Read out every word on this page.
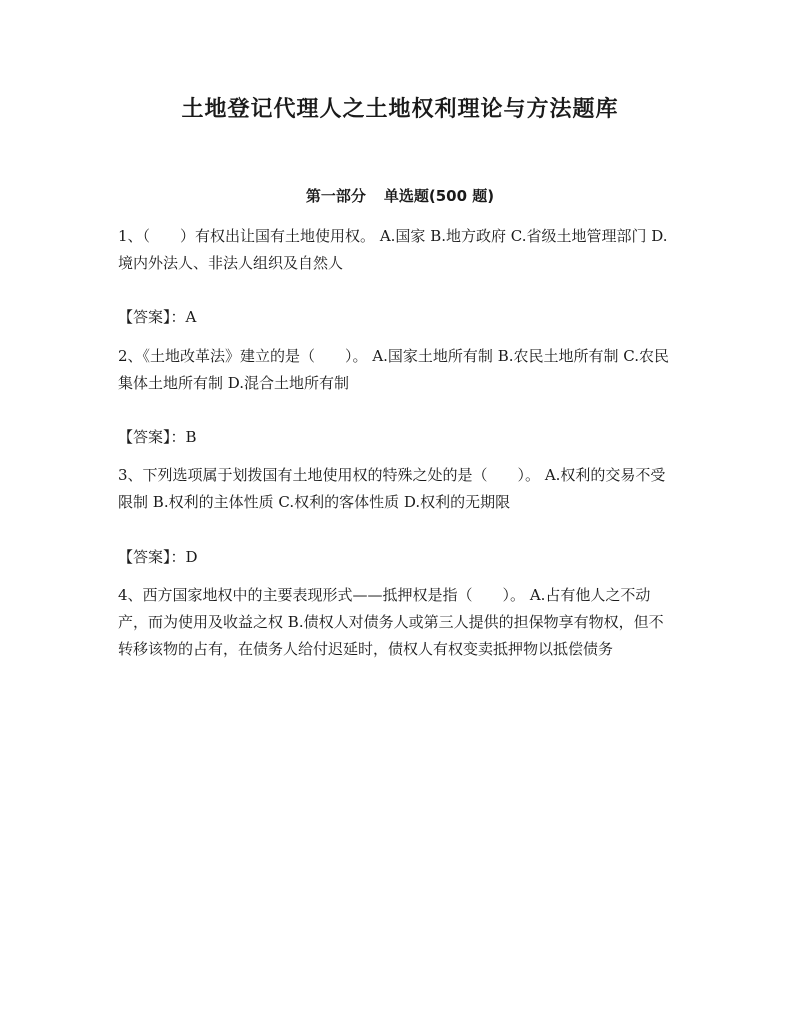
土地登记代理人之土地权利理论与方法题库
第一部分 单选题(500 题)
1、（　　）有权出让国有土地使用权。 A.国家 B.地方政府 C.省级土地管理部门 D.境内外法人、非法人组织及自然人
【答案】：A
2、《土地改革法》建立的是（　　）。 A.国家土地所有制 B.农民土地所有制 C.农民集体土地所有制 D.混合土地所有制
【答案】：B
3、下列选项属于划拨国有土地使用权的特殊之处的是（　　）。 A.权利的交易不受限制 B.权利的主体性质 C.权利的客体性质 D.权利的无期限
【答案】：D
4、西方国家地权中的主要表现形式——抵押权是指（　　）。 A.占有他人之不动产，而为使用及收益之权 B.债权人对债务人或第三人提供的担保物享有物权，但不转移该物的占有，在债务人给付迟延时，债权人有权变卖抵押物以抵偿债务
